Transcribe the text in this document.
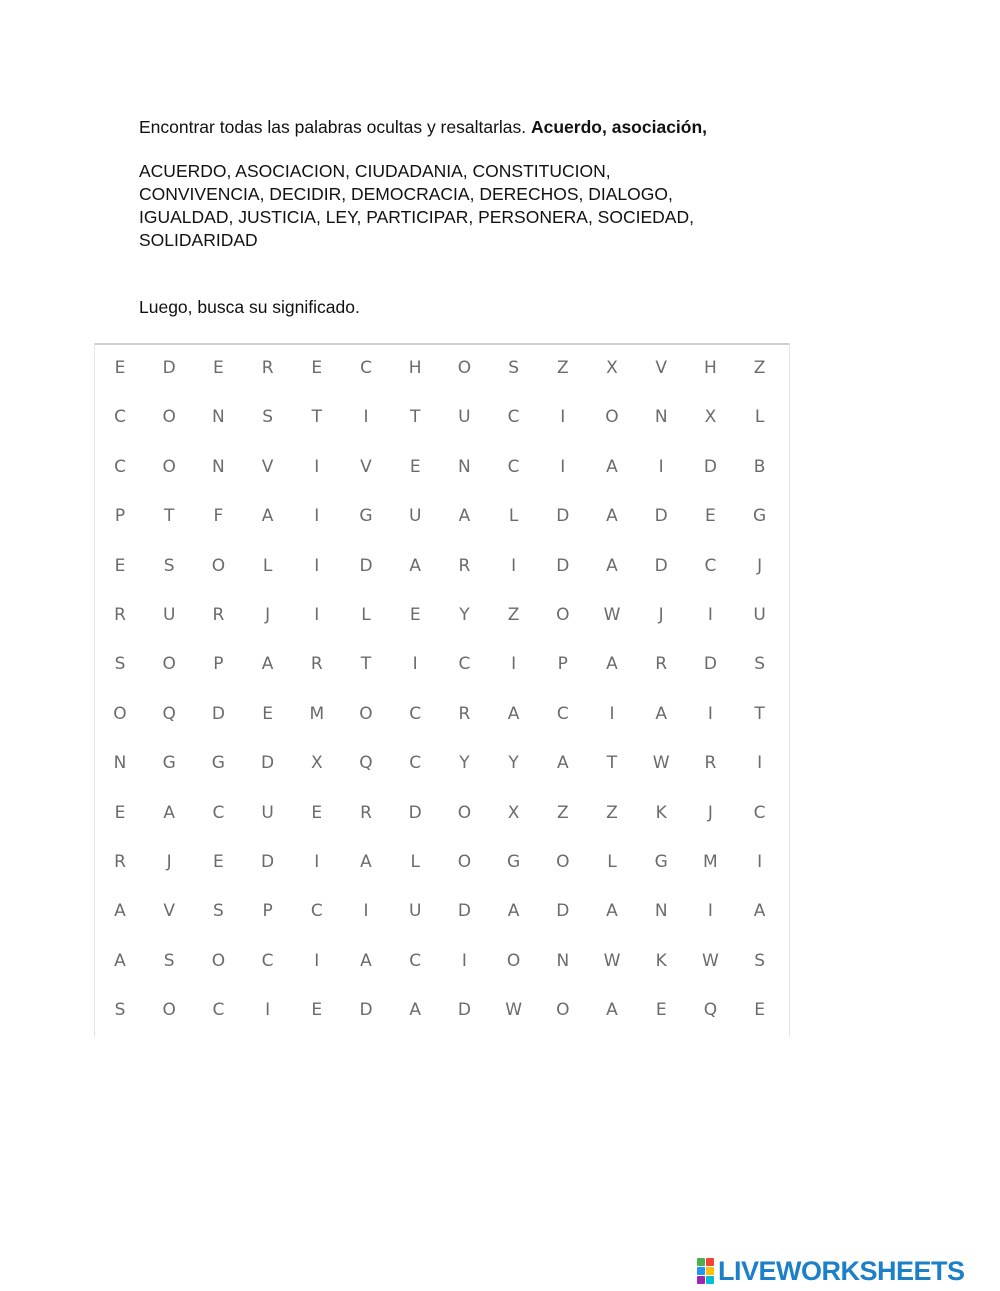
Encontrar todas las palabras ocultas y resaltarlas. Acuerdo, asociación,
ACUERDO, ASOCIACION, CIUDADANIA, CONSTITUCION,
CONVIVENCIA, DECIDIR, DEMOCRACIA, DERECHOS, DIALOGO,
IGUALDAD, JUSTICIA, LEY, PARTICIPAR, PERSONERA, SOCIEDAD,
SOLIDARIDAD
Luego, busca su significado.
E	D	E	R	E	C	H	O	S	Z	X	V	H	Z
C	O	N	S	T	I	T	U	C	I	O	N	X	L
C	O	N	V	I	V	E	N	C	I	A	I	D	B
P	T	F	A	I	G	U	A	L	D	A	D	E	G
E	S	O	L	I	D	A	R	I	D	A	D	C	J
R	U	R	J	I	L	E	Y	Z	O	W	J	I	U
S	O	P	A	R	T	I	C	I	P	A	R	D	S
O	Q	D	E	M	O	C	R	A	C	I	A	I	T
N	G	G	D	X	Q	C	Y	Y	A	T	W	R	I
E	A	C	U	E	R	D	O	X	Z	Z	K	J	C
R	J	E	D	I	A	L	O	G	O	L	G	M	I
A	V	S	P	C	I	U	D	A	D	A	N	I	A
A	S	O	C	I	A	C	I	O	N	W	K	W	S
S	O	C	I	E	D	A	D	W	O	A	E	Q	E
LIVEWORKSHEETS
